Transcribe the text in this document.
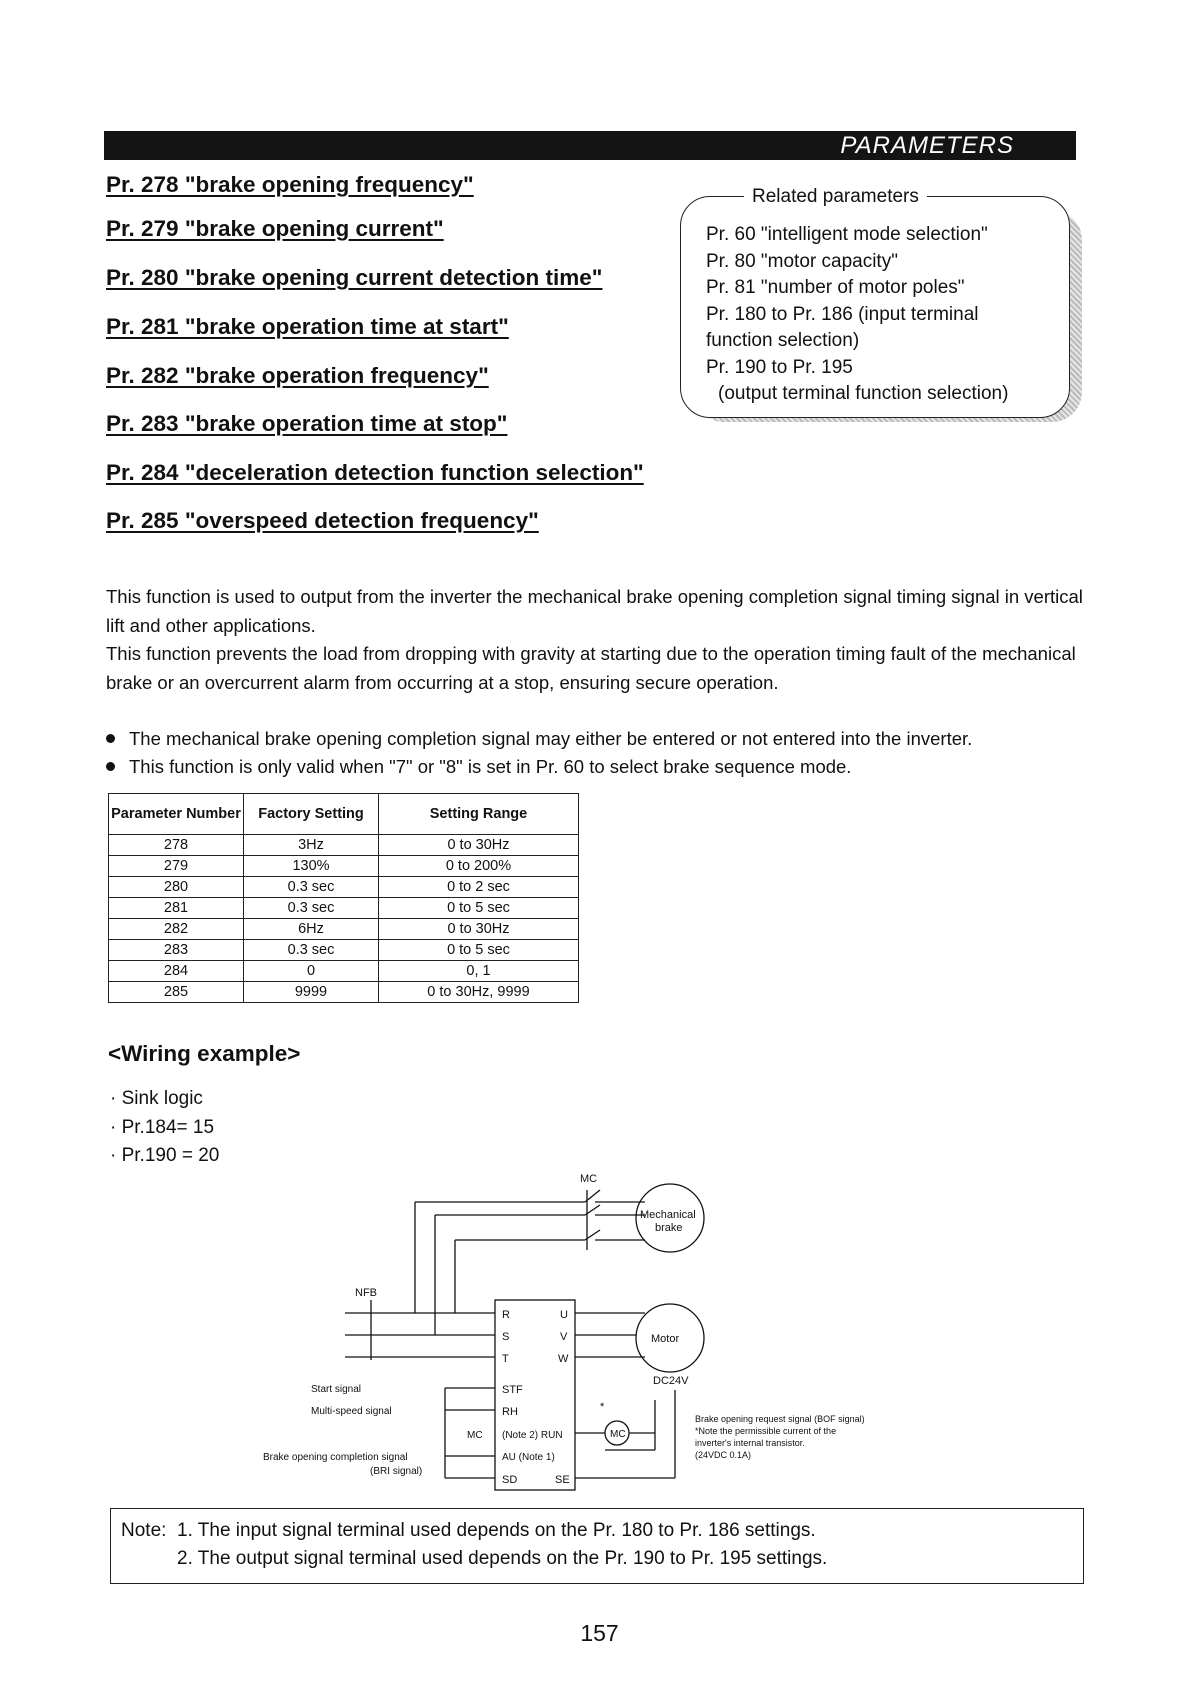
PARAMETERS
Pr. 278 "brake opening frequency"
Pr. 279 "brake opening current"
Pr. 280 "brake opening current detection time"
Pr. 281 "brake operation time at start"
Pr. 282 "brake operation frequency"
Pr. 283 "brake operation time at stop"
Pr. 284 "deceleration detection function selection"
Pr. 285 "overspeed detection frequency"
Related parameters
Pr. 60 "intelligent mode selection"
Pr. 80 "motor capacity"
Pr. 81 "number of motor poles"
Pr. 180 to Pr. 186 (input terminal
function selection)
Pr. 190 to Pr. 195
(output terminal function selection)
This function is used to output from the inverter the mechanical brake opening completion signal timing signal in vertical lift and other applications.
This function prevents the load from dropping with gravity at starting due to the operation timing fault of the mechanical brake or an overcurrent alarm from occurring at a stop, ensuring secure operation.
The mechanical brake opening completion signal may either be entered or not entered into the inverter.
This function is only valid when "7" or "8" is set in Pr. 60 to select brake sequence mode.
Parameter Number	Factory Setting	Setting Range
278	3Hz	0 to 30Hz
279	130%	0 to 200%
280	0.3 sec	0 to 2 sec
281	0.3 sec	0 to 5 sec
282	6Hz	0 to 30Hz
283	0.3 sec	0 to 5 sec
284	0	0, 1
285	9999	0 to 30Hz, 9999
<Wiring example>
· Sink logic
· Pr.184= 15
· Pr.190 = 20
MC
Mechanical
brake
NFB
Motor
DC24V
R
S
T
STF
RH
(Note 2) RUN
AU (Note 1)
SD
U
V
W
SE
Start signal
Multi-speed signal
MC
Brake opening completion signal
(BRI signal)
MC
*
Brake opening request signal (BOF signal)
*Note the permissible current of the
inverter's internal transistor.
(24VDC 0.1A)
Note: 1. The input signal terminal used depends on the Pr. 180 to Pr. 186 settings.
2. The output signal terminal used depends on the Pr. 190 to Pr. 195 settings.
157
